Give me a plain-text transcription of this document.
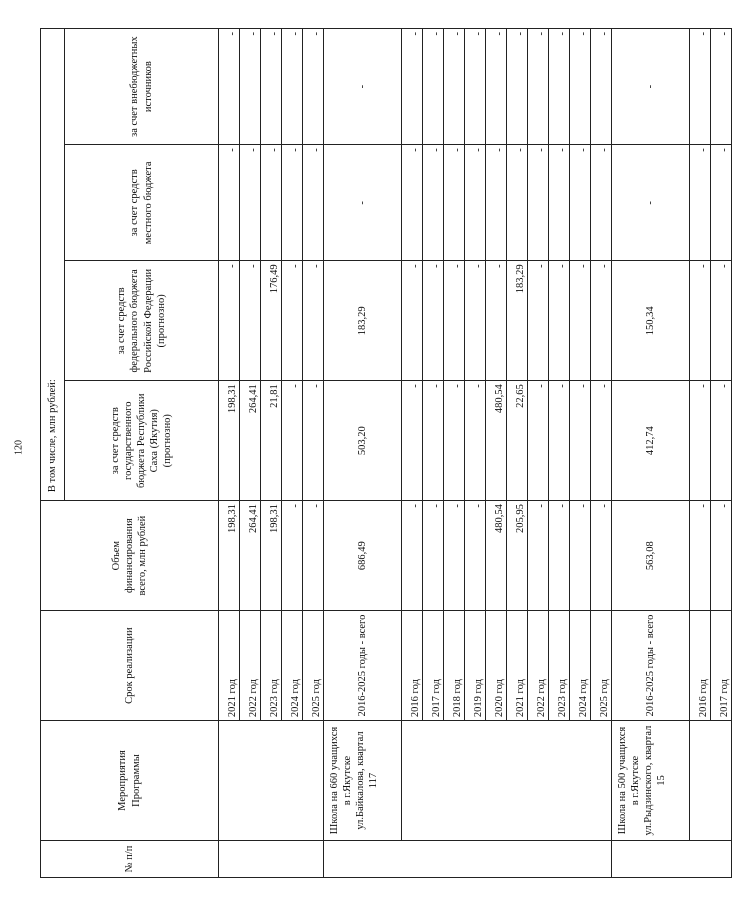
120
№ п/п	Мероприятия Программы	Срок реализации	Объем финансирования всего, млн рублей	В том числе, млн рублей:			
				за счет средств государственного бюджета Республики Саха (Якутия) (прогнозно)	за счет средств федерального бюджета Российской Федерации (прогнозно)	за счет средств местного бюджета	за счет внебюджетных источников
		2021 год	198,31	198,31	-	-	-
		2022 год	264,41	264,41	-	-	-
		2023 год	198,31	21,81	176,49	-	-
		2024 год	-	-	-	-	-
		2025 год	-	-	-	-	-
	Школа на 660 учащихся в г.Якутске ул.Байкалова, квартал 117	2016-2025 годы - всего	686,49	503,20	183,29	-	-
		2016 год	-	-	-	-	-
		2017 год	-	-	-	-	-
		2018 год	-	-	-	-	-
		2019 год	-	-	-	-	-
		2020 год	480,54	480,54	-	-	-
		2021 год	205,95	22,65	183,29	-	-
		2022 год	-	-	-	-	-
		2023 год	-	-	-	-	-
		2024 год	-	-	-	-	-
		2025 год	-	-	-	-	-
	Школа на 500 учащихся в г.Якутске ул.Рыдзинского, квартал 15	2016-2025 годы - всего	563,08	412,74	150,34	-	-
		2016 год	-	-	-	-	-
		2017 год	-	-	-	-	-
